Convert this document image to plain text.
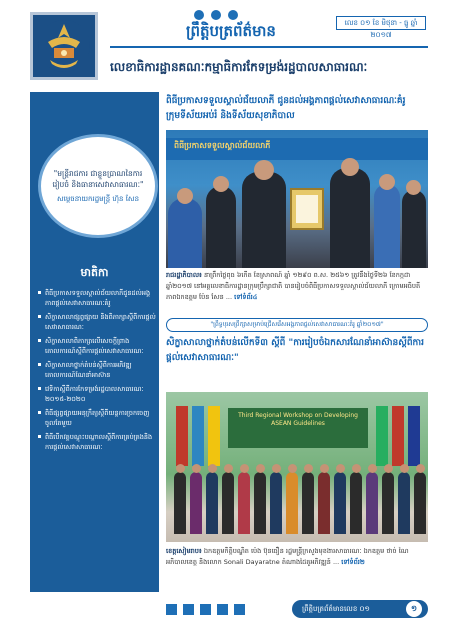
ព្រឹត្តិបត្រព័ត៌មាន	លេខ ០១ ខែ មិថុនា - ធ្នូ ឆ្នាំ ២០១៧
លេខាធិការដ្ឋានគណៈកម្មាធិការកែទម្រង់រដ្ឋបាលសាធារណៈ
"មន្ត្រីរាជការ ជាខ្លួនប្រាណនៃការរៀបចំ និងធានាសេវាសាធារណៈ"
សម្តេចនាយករដ្ឋមន្ត្រី ហ៊ុន សែន
មាតិកា
ពិធីប្រកាសទទួលស្គាល់ជ័យលាភីជូនដល់អង្គភាពផ្តល់សេវាសាធារណៈគំរូ
សិក្ខាសាលាផ្សព្វផ្សាយ និងពិភាក្សាស្តីពីការផ្តល់សេវាសាធារណៈ
សិក្ខាសាលាពិភាក្សាលើសេចក្តីព្រាងគោលការណ៍ស្តីពីការផ្តល់សេវាសាធារណៈ
សិក្ខាសាលាថ្នាក់តំបន់ស្តីពីការអភិវឌ្ឍគោលការណ៍ណែនាំអាស៊ាន
វេទិកាស្តីពីការកែទម្រង់រដ្ឋបាលសាធារណៈ ២០១៥-២០២០
ពិធីផ្សព្វផ្សាយអនុក្រឹត្យស្តីពីយន្តការច្រកចេញចូលតែមួយ
ពិធីបើកវគ្គបណ្តុះបណ្តាលស្តីពីការគ្រប់គ្រងនិងការផ្តល់សេវាសាធារណៈ
ពិធីប្រកាសទទួលស្គាល់ជ័យលាភី ជូនដល់អង្គភាពផ្តល់សេវាសាធារណៈគំរូក្រុមទីស័យអប់រំ និងទីស័យសុខាភិបាល
ពិធីប្រកាសទទួលស្គាល់ជ័យលាភី
រាជរដ្ឋាភិបាល៖ នាព្រឹកថ្ងៃពុធ ៦កើត ខែស្រាពណ៍ ឆ្នាំ ១២៩០ ព.ស. ២៥៦១ ត្រូវនឹងថ្ងៃទី២៦ ខែកក្កដា ឆ្នាំ២០១៧ នៅអគ្គលេខាធិការដ្ឋានក្រុមប្រឹក្សាជាតិ បានរៀបចំពិធីប្រកាសទទួលស្គាល់ជ័យលាភី ក្រោមអធិបតីភាពឯកឧត្តម ប៉ែន សែន ... ទៅទំព័រ៤
"ព្រឹទ្ធបុរសព្រឹក្សាសម្រាប់ជ្រើសរើសអង្គភាពផ្តល់សេវាសាធារណៈគំរូ ឆ្នាំ២០១៧"
សិក្ខាសាលាថ្នាក់តំបន់លើកទី៣ ស្តីពី "ការរៀបចំឯកសារណែនាំអាស៊ានស្តីពីការផ្តល់សេវាសាធារណៈ"
Third Regional Workshop on Developing ASEAN Guidelines
ខេត្តសៀមរាប៖ ឯកឧត្តមកិត្តិបណ្ឌិត ប៉េង ប៊ុនធឿន រដ្ឋមន្ត្រីក្រសួងមុខងារសាធារណៈ ឯកឧត្តម ថាច់ ណៃ អភិបាលខេត្ត និងលោក Sonali Dayaratne តំណាងដៃគូអភិវឌ្ឍន៍ ... ទៅទំព័រ២
ព្រឹត្តិបត្រព័ត៌មានលេខ ០១	១
